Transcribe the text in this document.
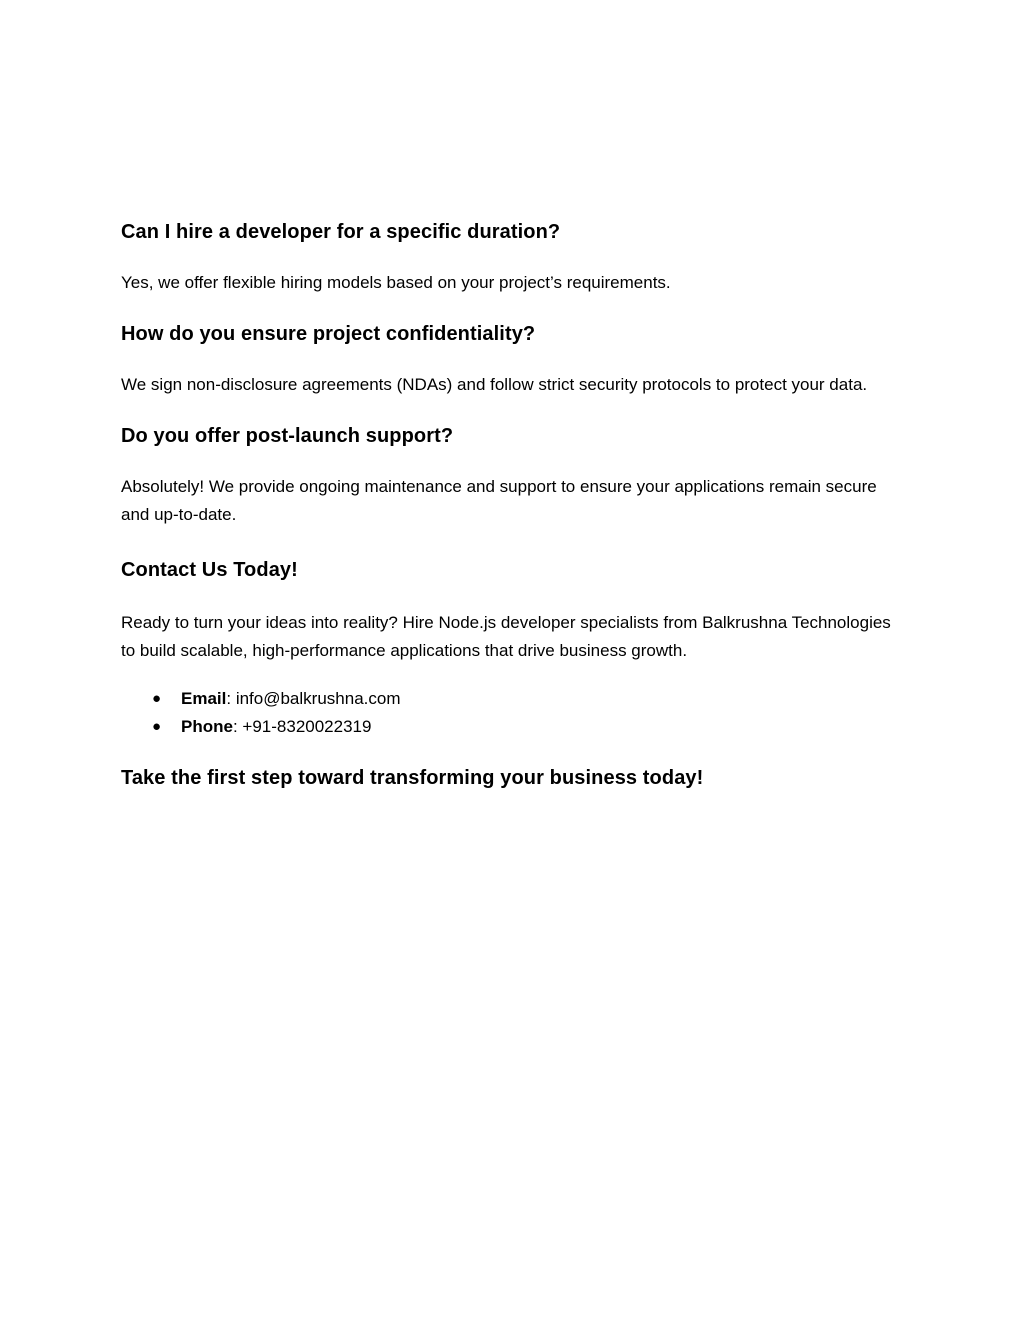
Can I hire a developer for a specific duration?

Yes, we offer flexible hiring models based on your project’s requirements.

How do you ensure project confidentiality?

We sign non-disclosure agreements (NDAs) and follow strict security protocols to protect your data.

Do you offer post-launch support?

Absolutely! We provide ongoing maintenance and support to ensure your applications remain secure and up-to-date.

Contact Us Today!

Ready to turn your ideas into reality? Hire Node.js developer specialists from Balkrushna Technologies to build scalable, high-performance applications that drive business growth.

● Email: info@balkrushna.com
● Phone: +91-8320022319
Take the first step toward transforming your business today!
